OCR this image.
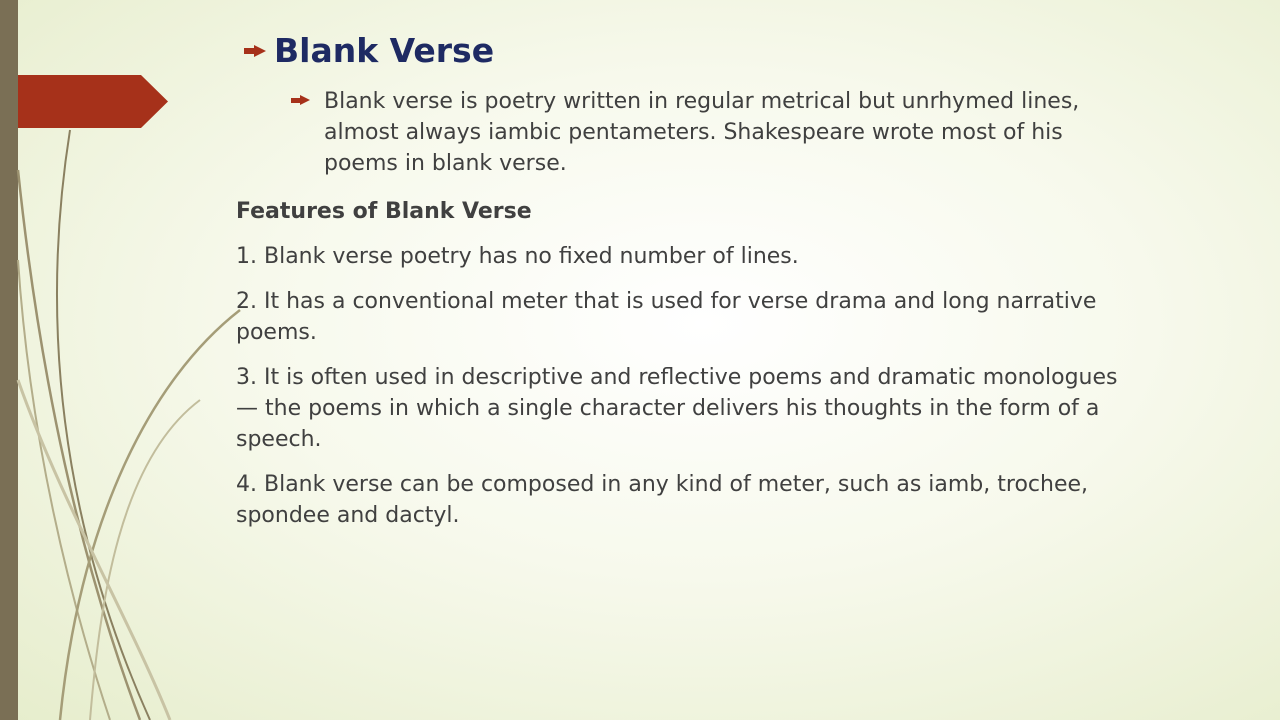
Blank Verse
Blank verse is poetry written in regular metrical but unrhymed lines, almost always iambic pentameters. Shakespeare wrote most of his poems in blank verse.
Features of Blank Verse
1. Blank verse poetry has no fixed number of lines.
2. It has a conventional meter that is used for verse drama and long narrative poems.
3. It is often used in descriptive and reflective poems and dramatic monologues — the poems in which a single character delivers his thoughts in the form of a speech.
4. Blank verse can be composed in any kind of meter, such as iamb, trochee, spondee and dactyl.
